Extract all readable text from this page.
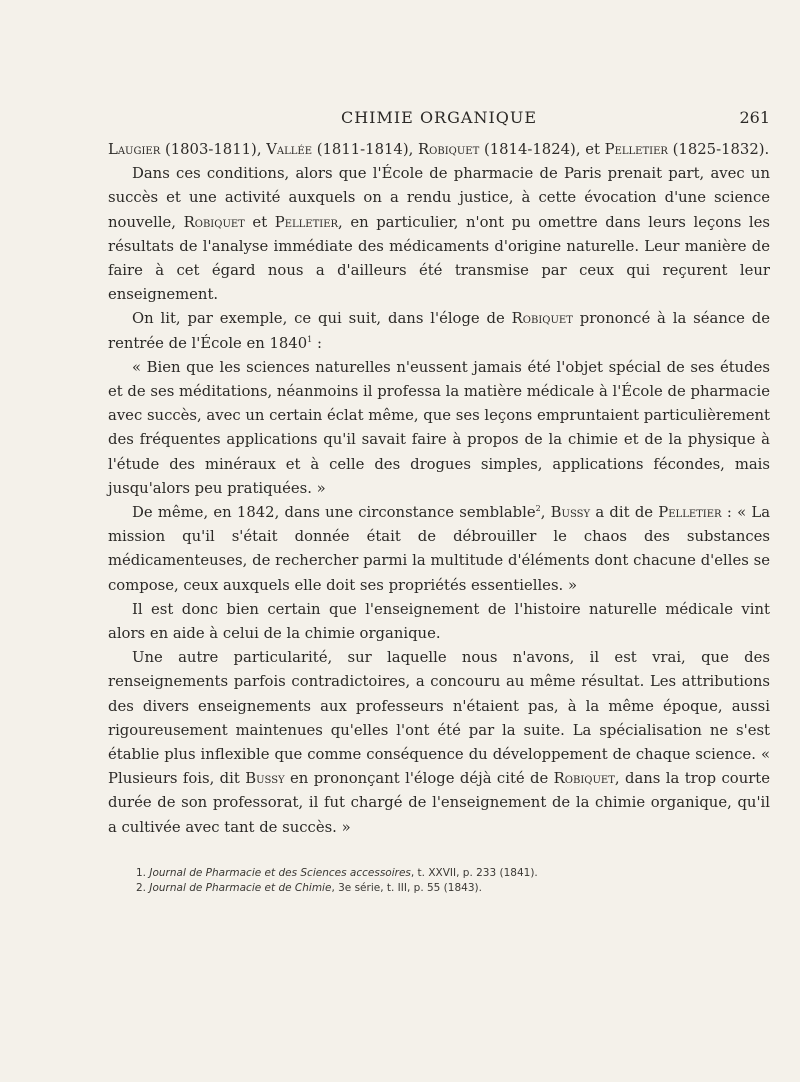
CHIMIE ORGANIQUE	261

Laugier (1803-1811), Vallée (1811-1814), Robiquet (1814-1824), et Pelletier (1825-1832).

Dans ces conditions, alors que l'École de pharmacie de Paris prenait part, avec un succès et une activité auxquels on a rendu justice, à cette évocation d'une science nouvelle, Robiquet et Pelletier, en particulier, n'ont pu omettre dans leurs leçons les résultats de l'analyse immédiate des médicaments d'origine naturelle. Leur manière de faire à cet égard nous a d'ailleurs été transmise par ceux qui reçurent leur enseignement.

On lit, par exemple, ce qui suit, dans l'éloge de Robiquet prononcé à la séance de rentrée de l'École en 1840$^1$ :

« Bien que les sciences naturelles n'eussent jamais été l'objet spécial de ses études et de ses méditations, néanmoins il professa la matière médicale à l'École de pharmacie avec succès, avec un certain éclat même, que ses leçons empruntaient particulièrement des fréquentes applications qu'il savait faire à propos de la chimie et de la physique à l'étude des minéraux et à celle des drogues simples, applications fécondes, mais jusqu'alors peu pratiquées. »

De même, en 1842, dans une circonstance semblable$^2$, Bussy a dit de Pelletier : « La mission qu'il s'était donnée était de débrouiller le chaos des substances médicamenteuses, de rechercher parmi la multitude d'éléments dont chacune d'elles se compose, ceux auxquels elle doit ses propriétés essentielles. »

Il est donc bien certain que l'enseignement de l'histoire naturelle médicale vint alors en aide à celui de la chimie organique.

Une autre particularité, sur laquelle nous n'avons, il est vrai, que des renseignements parfois contradictoires, a concouru au même résultat. Les attributions des divers enseignements aux professeurs n'étaient pas, à la même époque, aussi rigoureusement maintenues qu'elles l'ont été par la suite. La spécialisation ne s'est établie plus inflexible que comme conséquence du développement de chaque science. « Plusieurs fois, dit Bussy en prononçant l'éloge déjà cité de Robiquet, dans la trop courte durée de son professorat, il fut chargé de l'enseignement de la chimie organique, qu'il a cultivée avec tant de succès. »

1. Journal de Pharmacie et des Sciences accessoires, t. XXVII, p. 233 (1841).
2. Journal de Pharmacie et de Chimie, 3e série, t. III, p. 55 (1843).
